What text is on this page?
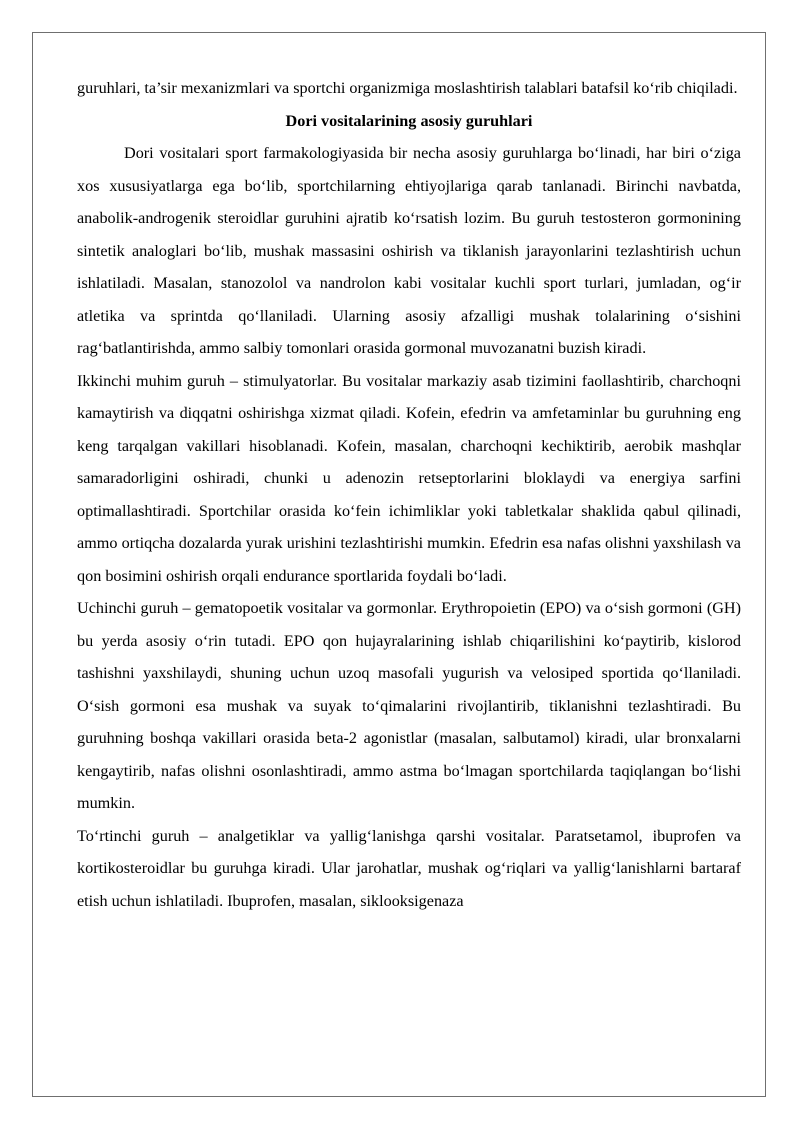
guruhlari, ta’sir mexanizmlari va sportchi organizmiga moslashtirish talablari batafsil ko‘rib chiqiladi.

Dori vositalarining asosiy guruhlari

Dori vositalari sport farmakologiyasida bir necha asosiy guruhlarga bo‘linadi, har biri o‘ziga xos xususiyatlarga ega bo‘lib, sportchilarning ehtiyojlariga qarab tanlanadi. Birinchi navbatda, anabolik-androgenik steroidlar guruhini ajratib ko‘rsatish lozim. Bu guruh testosteron gormonining sintetik analoglari bo‘lib, mushak massasini oshirish va tiklanish jarayonlarini tezlashtirish uchun ishlatiladi. Masalan, stanozolol va nandrolon kabi vositalar kuchli sport turlari, jumladan, og‘ir atletika va sprintda qo‘llaniladi. Ularning asosiy afzalligi mushak tolalarining o‘sishini rag‘batlantirishda, ammo salbiy tomonlari orasida gormonal muvozanatni buzish kiradi.

Ikkinchi muhim guruh – stimulyatorlar. Bu vositalar markaziy asab tizimini faollashtirib, charchoqni kamaytirish va diqqatni oshirishga xizmat qiladi. Kofein, efedrin va amfetaminlar bu guruhning eng keng tarqalgan vakillari hisoblanadi. Kofein, masalan, charchoqni kechiktirib, aerobik mashqlar samaradorligini oshiradi, chunki u adenozin retseptorlarini bloklaydi va energiya sarfini optimallashtiradi. Sportchilar orasida ko‘fein ichimliklar yoki tabletkalar shaklida qabul qilinadi, ammo ortiqcha dozalarda yurak urishini tezlashtirishi mumkin. Efedrin esa nafas olishni yaxshilash va qon bosimini oshirish orqali endurance sportlarida foydali bo‘ladi.

Uchinchi guruh – gematopoetik vositalar va gormonlar. Erythropoietin (EPO) va o‘sish gormoni (GH) bu yerda asosiy o‘rin tutadi. EPO qon hujayralarining ishlab chiqarilishini ko‘paytirib, kislorod tashishni yaxshilaydi, shuning uchun uzoq masofali yugurish va velosiped sportida qo‘llaniladi. O‘sish gormoni esa mushak va suyak to‘qimalarini rivojlantirib, tiklanishni tezlashtiradi. Bu guruhning boshqa vakillari orasida beta-2 agonistlar (masalan, salbutamol) kiradi, ular bronxalarni kengaytirib, nafas olishni osonlashtiradi, ammo astma bo‘lmagan sportchilarda taqiqlangan bo‘lishi mumkin.

To‘rtinchi guruh – analgetiklar va yallig‘lanishga qarshi vositalar. Paratsetamol, ibuprofen va kortikosteroidlar bu guruhga kiradi. Ular jarohatlar, mushak og‘riqlari va yallig‘lanishlarni bartaraf etish uchun ishlatiladi. Ibuprofen, masalan, siklooksigenaza
